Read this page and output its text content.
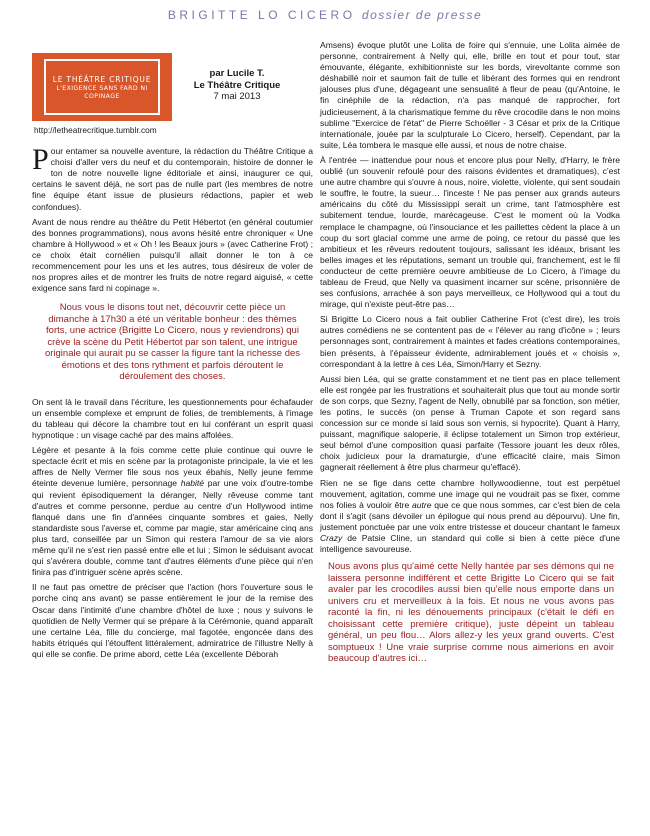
BRIGITTE LO CICERO dossier de presse
LE THÉÂTRE CRITIQUE
L'EXIGENCE SANS FARD NI
COPINAGE
par Lucile T.
Le Théâtre Critique
7 mai 2013
http://letheatrecritique.tumblr.com

Pour entamer sa nouvelle aventure, la rédaction du Théâtre Critique a choisi d'aller vers du neuf et du contemporain, histoire de donner le ton de notre nouvelle ligne éditoriale et ainsi, inaugurer ce qui, certains le savent déjà, ne sort pas de nulle part (les membres de notre fine équipe étant issue de plusieurs rédactions, papier et web confondues).

Avant de nous rendre au théâtre du Petit Hébertot (en général coutumier des bonnes programmations), nous avons hésité entre chroniquer « Une chambre à Hollywood » et « Oh ! les Beaux jours » (avec Catherine Frot) ; ce choix était cornélien puisqu'il allait donner le ton à ce recommencement pour les uns et les autres, tous désireux de voler de nos propres ailes et de montrer les fruits de notre regard aiguisé, « cette exigence sans fard ni copinage ».

Nous vous le disons tout net, découvrir cette pièce un dimanche à 17h30 a été un véritable bonheur : des thèmes forts, une actrice (Brigitte Lo Cicero, nous y reviendrons) qui crève la scène du Petit Hébertot par son talent, une intrigue originale qui aurait pu se casser la figure tant la richesse des émotions et des tons rythment et parfois déroutent le déroulement des choses.

On sent là le travail dans l'écriture, les questionnements pour échafauder un ensemble complexe et emprunt de folies, de tremblements, à l'image du tableau qui décore la chambre tout en lui conférant un esprit quasi hypnotique : un visage caché par des mains affolées.

Légère et pesante à la fois comme cette pluie continue qui ouvre le spectacle écrit et mis en scène par la protagoniste principale, la vie et les affres de Nelly Vermer file sous nos yeux ébahis, Nelly jeune femme éteinte devenue lumière, personnage habité par une voix d'outre-tombe qui revient épisodiquement la déranger, Nelly rêveuse comme tant d'autres et comme personne, perdue au centre d'un Hollywood intime flanqué dans une fin d'années cinquante sombres et gaies, Nelly standardiste sous l'averse et, comme par magie, star américaine cinq ans plus tard, conseillée par un Simon qui restera l'amour de sa vie alors même qu'il ne s'est rien passé entre elle et lui ; Simon le séduisant avocat qui s'avérera double, comme tant d'autres éléments d'une pièce qui n'en finira pas d'intriguer scène après scène.

Il ne faut pas omettre de préciser que l'action (hors l'ouverture sous le porche cinq ans avant) se passe entièrement le jour de la remise des Oscar dans l'intimité d'une chambre d'hôtel de luxe ; nous y suivons le quotidien de Nelly Vermer qui se prépare à la Cérémonie, quand apparaît une certaine Léa, fille du concierge, mal fagotée, engoncée dans des habits étriqués qui l'étouffent littéralement, admiratrice de l'illustre Nelly à qui elle se confie. De prime abord, cette Léa (excellente Déborah

Amsens) évoque plutôt une Lolita de foire qui s'ennuie, une Lolita aimée de personne, contrairement à Nelly qui, elle, brille en tout et pour tout, star émouvante, élégante, exhibitionniste sur les bords, virevoltante comme son déshabillé noir et saumon fait de tulle et libérant des formes qui en rendront jalouses plus d'une, dégageant une sensualité à fleur de peau (qu'Antoine, le fin cinéphile de la rédaction, n'a pas manqué de rapprocher, fort judicieusement, à la charismatique femme du rêve crocodile dans le non moins sublime "Exercice de l'état" de Pierre Schoëller - 3 César et prix de la Critique internationale, jouée par la sculpturale Lo Cicero, herself). Cependant, par la suite, Léa tombera le masque elle aussi, et nous de notre chaise.

À l'entrée — inattendue pour nous et encore plus pour Nelly, d'Harry, le frère oublié (un souvenir refoulé pour des raisons évidentes et dramatiques), c'est une autre chambre qui s'ouvre à nous, noire, violette, violente, qui sent soudain le souffre, le foutre, la sueur… l'inceste ! Ne pas penser aux grands auteurs américains du côté du Mississippi serait un crime, tant l'atmosphère est subitement tendue, lourde, marécageuse. C'est le moment où la Vodka remplace le champagne, où l'insouciance et les paillettes cèdent la place à un coup du sort glacial comme une arme de poing, ce retour du passé que les ambitieux et les rêveurs redoutent toujours, salissant les idéaux, brisant les belles images et les réputations, semant un trouble qui, franchement, est le fil conducteur de cette première oeuvre ambitieuse de Lo Cicero, à l'image du tableau de Freud, que Nelly va quasiment incarner sur scène, prisonnière de ses confusions, arrachée à son pays merveilleux, ce Hollywood qui a tout du mirage, qui n'existe peut-être pas…

Si Brigitte Lo Cicero nous a fait oublier Catherine Frot (c'est dire), les trois autres comédiens ne se contentent pas de « l'élever au rang d'icône » ; leurs personnages sont, contrairement à maintes et fades créations contemporaines, bien présents, à l'épaisseur évidente, admirablement joués et « choisis », correspondant à la lettre à ces Léa, Simon/Harry et Sezny.

Aussi bien Léa, qui se gratte constamment et ne tient pas en place tellement elle est rongée par les frustrations et souhaiterait plus que tout au monde sortir de son corps, que Sezny, l'agent de Nelly, obnubilé par sa fonction, son métier, les potins, le succès (on pense à Truman Capote et son regard sans concession sur ce monde si laid sous son vernis, si hypocrite). Quant à Harry, puissant, magnifique saloperie, il éclipse totalement un Simon trop extérieur, seul bémol d'une composition quasi parfaite (Tessore jouant les deux rôles, choix judicieux pour la dramaturgie, d'une efficacité claire, mais Simon gagnerait réellement à être plus charmeur qu'effacé).

Rien ne se fige dans cette chambre hollywoodienne, tout est perpétuel mouvement, agitation, comme une image qui ne voudrait pas se fixer, comme nos folies à vouloir être autre que ce que nous sommes, car c'est bien de cela dont il s'agit (sans dévoiler un épilogue qui nous prend au dépourvu). Une fin, justement ponctuée par une voix entre tristesse et douceur chantant le fameux Crazy de Patsie Cline, un standard qui colle si bien à cette pièce d'une intelligence savoureuse.

Nous avons plus qu'aimé cette Nelly hantée par ses démons qui ne laissera personne indifférent et cette Brigitte Lo Cicero qui se fait avaler par les crocodiles aussi bien qu'elle nous emporte dans un univers cru et merveilleux à la fois. Et nous ne vous avons pas raconté la fin, ni les dénouements principaux (c'était le défi en choisissant cette première critique), juste dépeint un tableau général, un peu flou… Alors allez-y les yeux grand ouverts. C'est somptueux ! Une vraie surprise comme nous aimerions en avoir beaucoup d'autres ici…
